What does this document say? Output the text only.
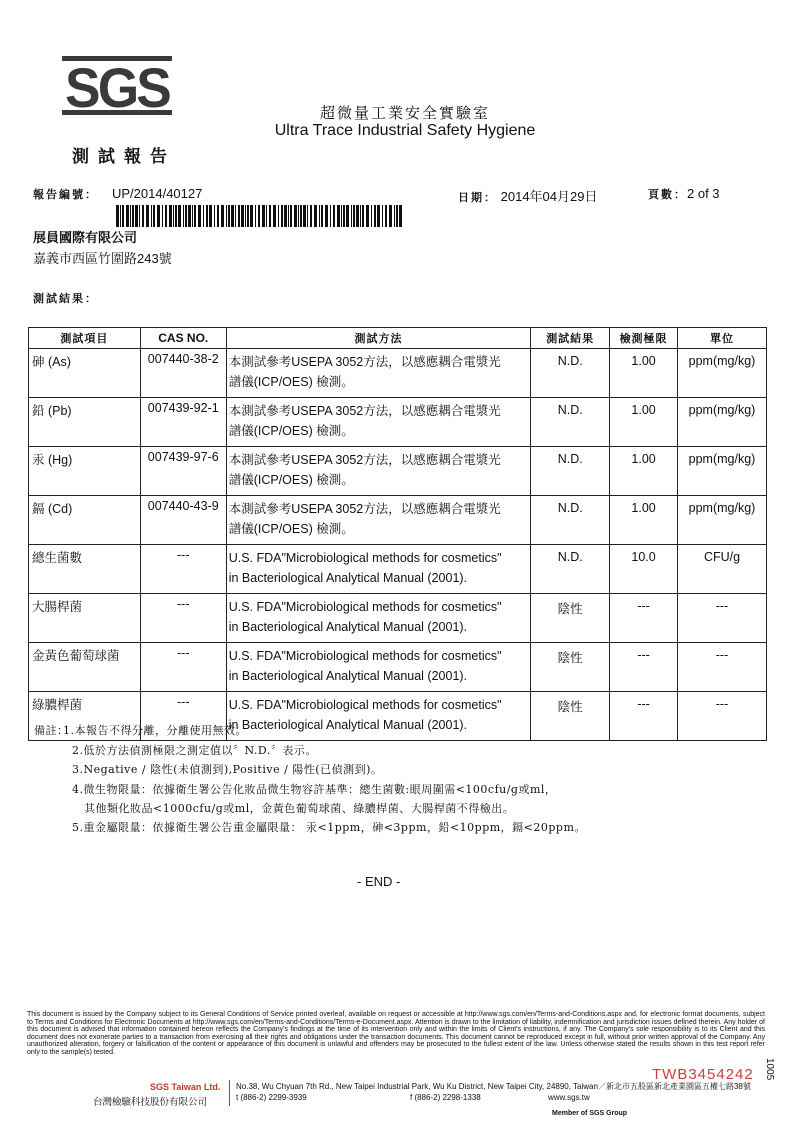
SGS	超微量工業安全實驗室
Ultra Trace Industrial Safety Hygiene
測試報告
報告編號： UP/2014/40127	日期： 2014年04月29日	頁數：2 of 3
展員國際有限公司
嘉義市西區竹圍路243號
測試結果：
測試項目	CAS NO.	測試方法	測試結果	檢測極限	單位
砷 (As)	007440-38-2	本測試參考USEPA 3052方法，以感應耦合電漿光
譜儀(ICP/OES) 檢測。	N.D.	1.00	ppm(mg/kg)
鉛 (Pb)	007439-92-1	本測試參考USEPA 3052方法，以感應耦合電漿光
譜儀(ICP/OES) 檢測。	N.D.	1.00	ppm(mg/kg)
汞 (Hg)	007439-97-6	本測試參考USEPA 3052方法，以感應耦合電漿光
譜儀(ICP/OES) 檢測。	N.D.	1.00	ppm(mg/kg)
鎘 (Cd)	007440-43-9	本測試參考USEPA 3052方法，以感應耦合電漿光
譜儀(ICP/OES) 檢測。	N.D.	1.00	ppm(mg/kg)
總生菌數	---	U.S. FDA"Microbiological methods for cosmetics"
in Bacteriological Analytical Manual (2001).	N.D.	10.0	CFU/g
大腸桿菌	---	U.S. FDA"Microbiological methods for cosmetics"
in Bacteriological Analytical Manual (2001).	陰性	---	---
金黃色葡萄球菌	---	U.S. FDA"Microbiological methods for cosmetics"
in Bacteriological Analytical Manual (2001).	陰性	---	---
綠膿桿菌	---	U.S. FDA"Microbiological methods for cosmetics"
in Bacteriological Analytical Manual (2001).	陰性	---	---
備註：
1.本報告不得分離，分離使用無效。
2.低於方法偵測極限之測定值以〞N.D.〞表示。
3.Negative / 陰性(未偵測到),Positive / 陽性(已偵測到)。
4.微生物限量：依據衛生署公告化妝品微生物容許基準：總生菌數:眼周圍需<100cfu/g或ml，
其他類化妝品<1000cfu/g或ml，金黃色葡萄球菌、綠膿桿菌、大腸桿菌不得檢出。
5.重金屬限量：依據衛生署公告重金屬限量： 汞<1ppm，砷<3ppm，鉛<10ppm，鎘<20ppm。
- END -
This document is issued by the Company subject to its General Conditions of Service printed overleaf, available on request or accessible at http://www.sgs.com/en/Terms-and-Conditions.aspx and, for electronic format documents, subject to Terms and Conditions for Electronic Documents at http://www.sgs.com/en/Terms-and-Conditions/Terms-e-Document.aspx. Attention is drawn to the limitation of liability, indemnification and jurisdiction issues defined therein. Any holder of this document is advised that information contained hereon reflects the Company's findings at the time of its intervention only and within the limits of Client's instructions, if any. The Company's sole responsibility is to its Client and this document does not exonerate parties to a transaction from exercising all their rights and obligations under the transaction documents. This document cannot be reproduced except in full, without prior written approval of the Company. Any unauthorized alteration, forgery or falsification of the content or appearance of this document is unlawful and offenders may be prosecuted to the fullest extent of the law. Unless otherwise stated the results shown in this test report refer only to the sample(s) tested.
TWB3454242 1005
SGS Taiwan Ltd.
台灣檢驗科技股份有限公司
No.38, Wu Chyuan 7th Rd., New Taipei Industrial Park, Wu Ku District, New Taipei City, 24890, Taiwan／新北市五股區新北產業園區五權七路38號
t (886-2) 2299-3939	f (886-2) 2298-1338	www.sgs.tw
Member of SGS Group
